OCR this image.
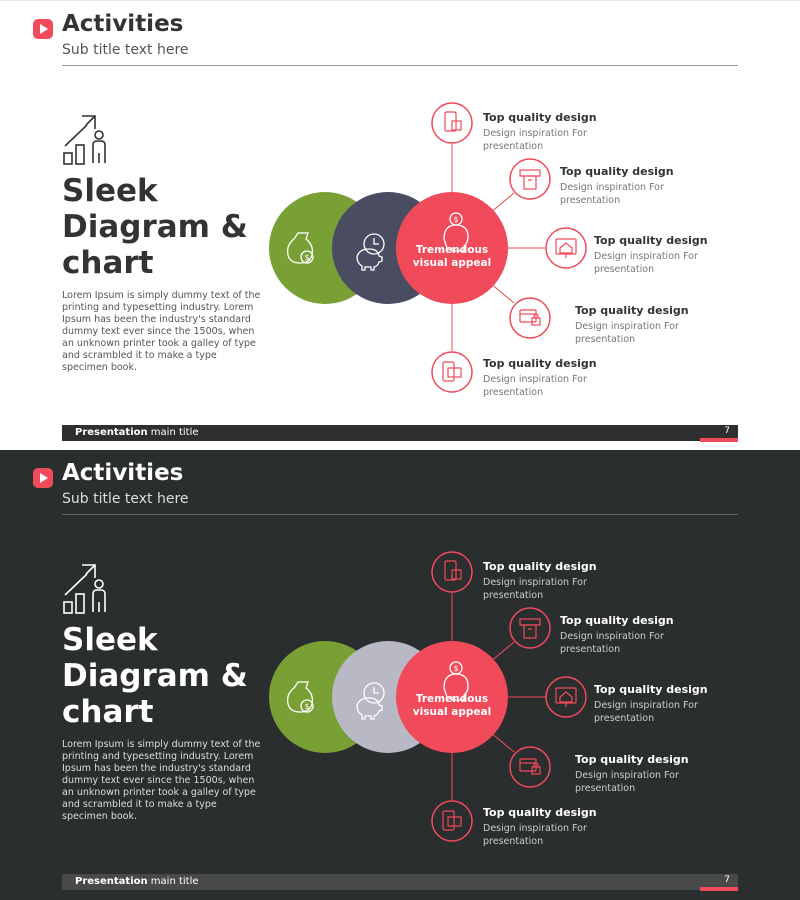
Activities
Sub title text here
Sleek
Diagram &
chart
Lorem Ipsum is simply dummy text of the printing and typesetting industry. Lorem Ipsum has been the industry's standard dummy text ever since the 1500s, when an unknown printer took a galley of type and scrambled it to make a type specimen book.
$
$
Tremendous
visual appeal
Top quality design
Design inspiration For presentation
Top quality design
Design inspiration For presentation
Top quality design
Design inspiration For presentation
Top quality design
Design inspiration For presentation
Top quality design
Design inspiration For presentation
Presentation main title	7
Activities
Sub title text here
Sleek
Diagram &
chart
Lorem Ipsum is simply dummy text of the printing and typesetting industry. Lorem Ipsum has been the industry's standard dummy text ever since the 1500s, when an unknown printer took a galley of type and scrambled it to make a type specimen book.
$
$
Tremendous
visual appeal
Top quality design
Design inspiration For presentation
Top quality design
Design inspiration For presentation
Top quality design
Design inspiration For presentation
Top quality design
Design inspiration For presentation
Top quality design
Design inspiration For presentation
Presentation main title	7
